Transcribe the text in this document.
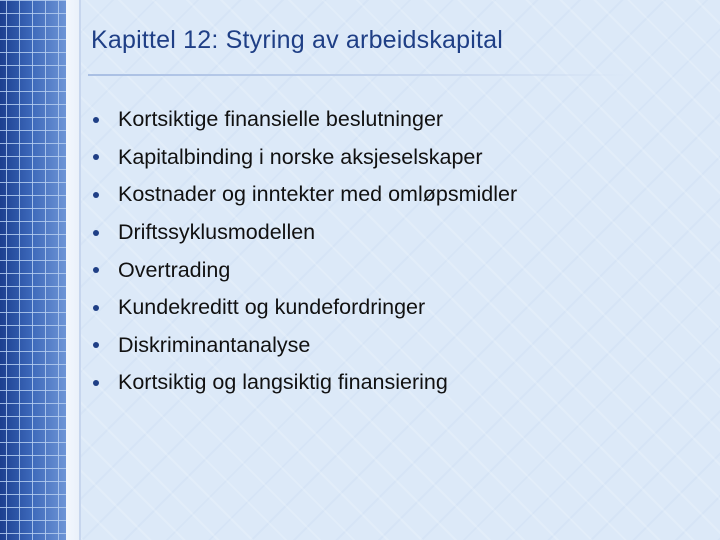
Kapittel 12: Styring av arbeidskapital
Kortsiktige finansielle beslutninger
Kapitalbinding i norske aksjeselskaper
Kostnader og inntekter med omløpsmidler
Driftssyklusmodellen
Overtrading
Kundekreditt og kundefordringer
Diskriminantanalyse
Kortsiktig og langsiktig finansiering
